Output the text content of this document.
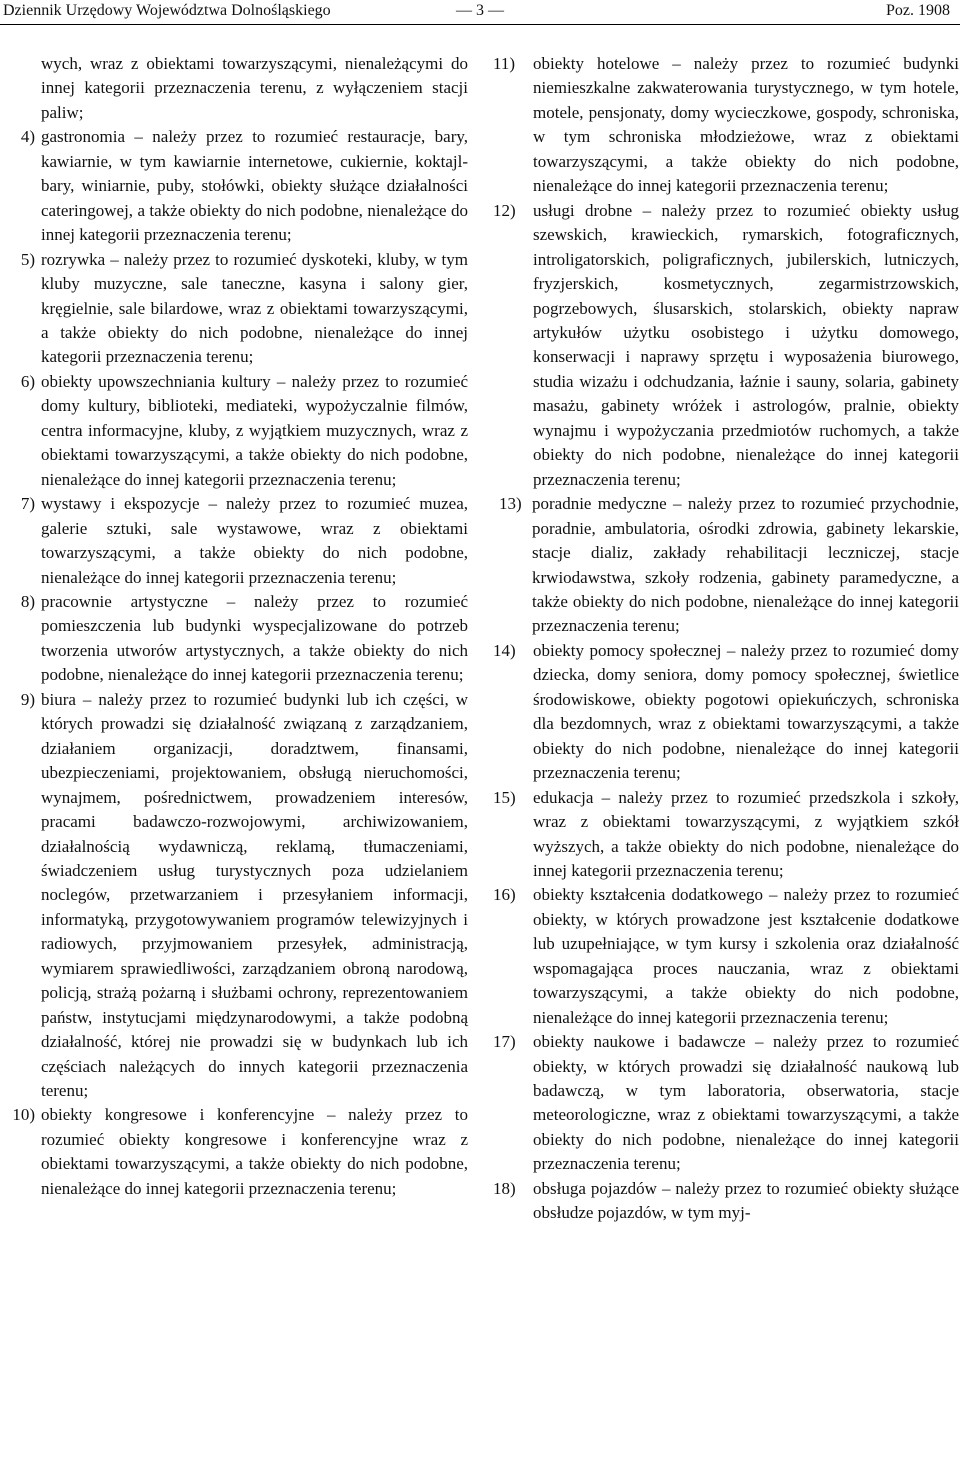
Dziennik Urzędowy Województwa Dolnośląskiego	— 3 —	Poz. 1908
wych, wraz z obiektami towarzyszącymi, nienależącymi do innej kategorii przeznaczenia terenu, z wyłączeniem stacji paliw;
4) gastronomia – należy przez to rozumieć restauracje, bary, kawiarnie, w tym kawiarnie internetowe, cukiernie, koktajl-bary, winiarnie, puby, stołówki, obiekty służące działalności cateringowej, a także obiekty do nich podobne, nienależące do innej kategorii przeznaczenia terenu;
5) rozrywka – należy przez to rozumieć dyskoteki, kluby, w tym kluby muzyczne, sale taneczne, kasyna i salony gier, kręgielnie, sale bilardowe, wraz z obiektami towarzyszącymi, a także obiekty do nich podobne, nienależące do innej kategorii przeznaczenia terenu;
6) obiekty upowszechniania kultury – należy przez to rozumieć domy kultury, biblioteki, mediateki, wypożyczalnie filmów, centra informacyjne, kluby, z wyjątkiem muzycznych, wraz z obiektami towarzyszącymi, a także obiekty do nich podobne, nienależące do innej kategorii przeznaczenia terenu;
7) wystawy i ekspozycje – należy przez to rozumieć muzea, galerie sztuki, sale wystawowe, wraz z obiektami towarzyszącymi, a także obiekty do nich podobne, nienależące do innej kategorii przeznaczenia terenu;
8) pracownie artystyczne – należy przez to rozumieć pomieszczenia lub budynki wyspecjalizowane do potrzeb tworzenia utworów artystycznych, a także obiekty do nich podobne, nienależące do innej kategorii przeznaczenia terenu;
9) biura – należy przez to rozumieć budynki lub ich części, w których prowadzi się działalność związaną z zarządzaniem, działaniem organizacji, doradztwem, finansami, ubezpieczeniami, projektowaniem, obsługą nieruchomości, wynajmem, pośrednictwem, prowadzeniem interesów, pracami badawczo-rozwojowymi, archiwizowaniem, działalnością wydawniczą, reklamą, tłumaczeniami, świadczeniem usług turystycznych poza udzielaniem noclegów, przetwarzaniem i przesyłaniem informacji, informatyką, przygotowywaniem programów telewizyjnych i radiowych, przyjmowaniem przesyłek, administracją, wymiarem sprawiedliwości, zarządzaniem obroną narodową, policją, strażą pożarną i służbami ochrony, reprezentowaniem państw, instytucjami międzynarodowymi, a także podobną działalność, której nie prowadzi się w budynkach lub ich częściach należących do innych kategorii przeznaczenia terenu;
10) obiekty kongresowe i konferencyjne – należy przez to rozumieć obiekty kongresowe i konferencyjne wraz z obiektami towarzyszącymi, a także obiekty do nich podobne, nienależące do innej kategorii przeznaczenia terenu;
11)	obiekty hotelowe – należy przez to rozumieć budynki niemieszkalne zakwaterowania turystycznego, w tym hotele, motele, pensjonaty, domy wycieczkowe, gospody, schroniska, w tym schroniska młodzieżowe, wraz z obiektami towarzyszącymi, a także obiekty do nich podobne, nienależące do innej kategorii przeznaczenia terenu;
12)	usługi drobne – należy przez to rozumieć obiekty usług szewskich, krawieckich, rymarskich, fotograficznych, introligatorskich, poligraficznych, jubilerskich, lutniczych, fryzjerskich, kosmetycznych, zegarmistrzowskich, pogrzebowych, ślusarskich, stolarskich, obiekty napraw artykułów użytku osobistego i użytku domowego, konserwacji i naprawy sprzętu i wyposażenia biurowego, studia wizażu i odchudzania, łaźnie i sauny, solaria, gabinety masażu, gabinety wróżek i astrologów, pralnie, obiekty wynajmu i wypożyczania przedmiotów ruchomych, a także obiekty do nich podobne, nienależące do innej kategorii przeznaczenia terenu;
13) poradnie medyczne – należy przez to rozumieć przychodnie, poradnie, ambulatoria, ośrodki zdrowia, gabinety lekarskie, stacje dializ, zakłady rehabilitacji leczniczej, stacje krwiodawstwa, szkoły rodzenia, gabinety paramedyczne, a także obiekty do nich podobne, nienależące do innej kategorii przeznaczenia terenu;
14)	obiekty pomocy społecznej – należy przez to rozumieć domy dziecka, domy seniora, domy pomocy społecznej, świetlice środowiskowe, obiekty pogotowi opiekuńczych, schroniska dla bezdomnych, wraz z obiektami towarzyszącymi, a także obiekty do nich podobne, nienależące do innej kategorii przeznaczenia terenu;
15)	edukacja – należy przez to rozumieć przedszkola i szkoły, wraz z obiektami towarzyszącymi, z wyjątkiem szkół wyższych, a także obiekty do nich podobne, nienależące do innej kategorii przeznaczenia terenu;
16)	obiekty kształcenia dodatkowego – należy przez to rozumieć obiekty, w których prowadzone jest kształcenie dodatkowe lub uzupełniające, w tym kursy i szkolenia oraz działalność wspomagająca proces nauczania, wraz z obiektami towarzyszącymi, a także obiekty do nich podobne, nienależące do innej kategorii przeznaczenia terenu;
17)	obiekty naukowe i badawcze – należy przez to rozumieć obiekty, w których prowadzi się działalność naukową lub badawczą, w tym laboratoria, obserwatoria, stacje meteorologiczne, wraz z obiektami towarzyszącymi, a także obiekty do nich podobne, nienależące do innej kategorii przeznaczenia terenu;
18)	obsługa pojazdów – należy przez to rozumieć obiekty służące obsłudze pojazdów, w tym myj-
